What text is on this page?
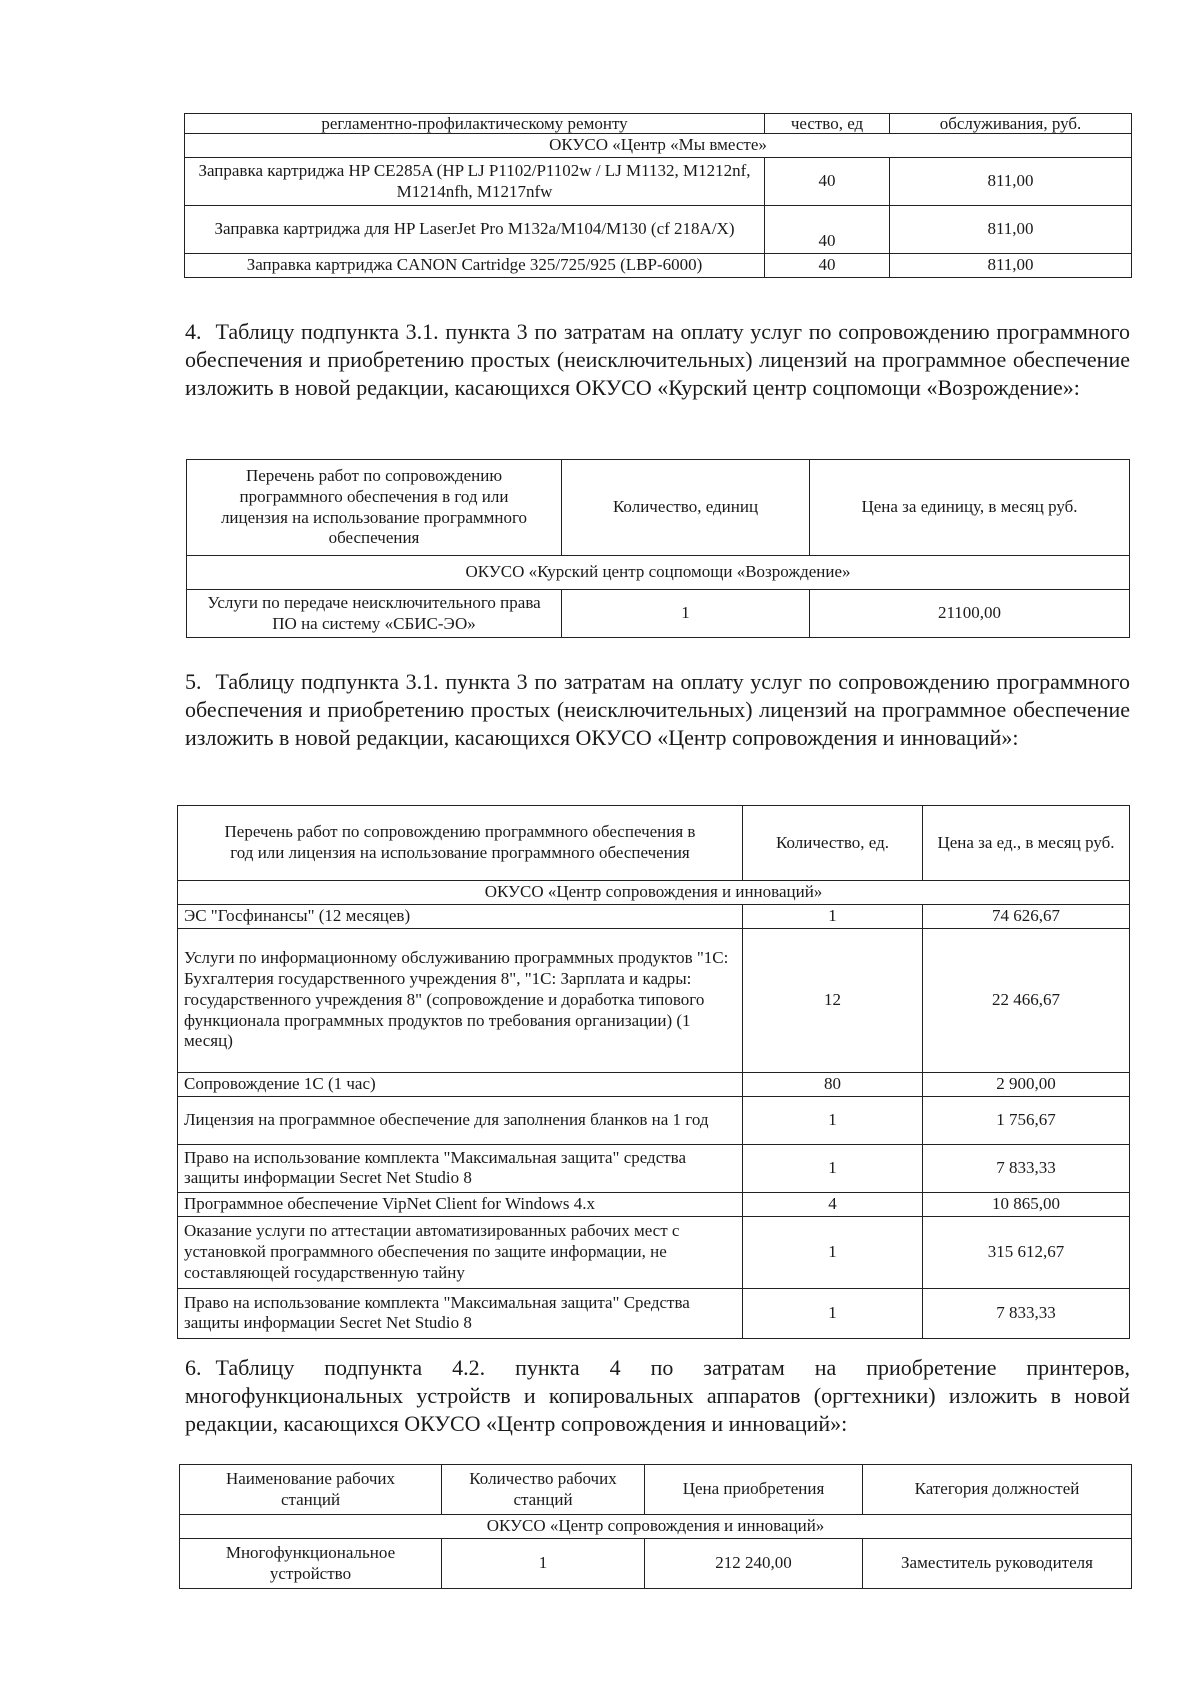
регламентно-профилактическому ремонту	чество, ед	обслуживания, руб.
ОКУСО «Центр «Мы вместе»		
Заправка картриджа HP CE285A (HP LJ P1102/P1102w / LJ M1132, M1212nf, M1214nfh, M1217nfw	40	811,00
Заправка картриджа для HP LaserJet Pro M132a/M104/M130 (cf 218A/X)	40	811,00
Заправка картриджа CANON Cartridge 325/725/925 (LBP-6000)	40	811,00

4. Таблицу подпункта 3.1. пункта 3 по затратам на оплату услуг по сопровождению программного обеспечения и приобретению простых (неисключительных) лицензий на программное обеспечение изложить в новой редакции, касающихся ОКУСО «Курский центр соцпомощи «Возрождение»:

Перечень работ по сопровождению программного обеспечения в год или лицензия на использование программного обеспечения	Количество, единиц	Цена за единицу, в месяц руб.
ОКУСО «Курский центр соцпомощи «Возрождение»		
Услуги по передаче неисключительного права ПО на систему «СБИС-ЭО»	1	21100,00

5. Таблицу подпункта 3.1. пункта 3 по затратам на оплату услуг по сопровождению программного обеспечения и приобретению простых (неисключительных) лицензий на программное обеспечение изложить в новой редакции, касающихся ОКУСО «Центр сопровождения и инноваций»:

Перечень работ по сопровождению программного обеспечения в год или лицензия на использование программного обеспечения	Количество, ед.	Цена за ед., в месяц руб.
ОКУСО «Центр сопровождения и инноваций»		
ЭС "Госфинансы" (12 месяцев)	1	74 626,67
Услуги по информационному обслуживанию программных продуктов "1С: Бухгалтерия государственного учреждения 8", "1С: Зарплата и кадры: государственного учреждения 8" (сопровождение и доработка типового функционала программных продуктов по требования организации) (1 месяц)	12	22 466,67
Сопровождение 1С (1 час)	80	2 900,00
Лицензия на программное обеспечение для заполнения бланков на 1 год	1	1 756,67
Право на использование комплекта "Максимальная защита" средства защиты информации Secret Net Studio 8	1	7 833,33
Программное обеспечение VipNet Client for Windows 4.x	4	10 865,00
Оказание услуги по аттестации автоматизированных рабочих мест с установкой программного обеспечения по защите информации, не составляющей государственную тайну	1	315 612,67
Право на использование комплекта "Максимальная защита" Средства защиты информации Secret Net Studio 8	1	7 833,33

6. Таблицу подпункта 4.2. пункта 4 по затратам на приобретение принтеров, многофункциональных устройств и копировальных аппаратов (оргтехники) изложить в новой редакции, касающихся ОКУСО «Центр сопровождения и инноваций»:

Наименование рабочих станций	Количество рабочих станций	Цена приобретения	Категория должностей
ОКУСО «Центр сопровождения и инноваций»			
Многофункциональное устройство	1	212 240,00	Заместитель руководителя
